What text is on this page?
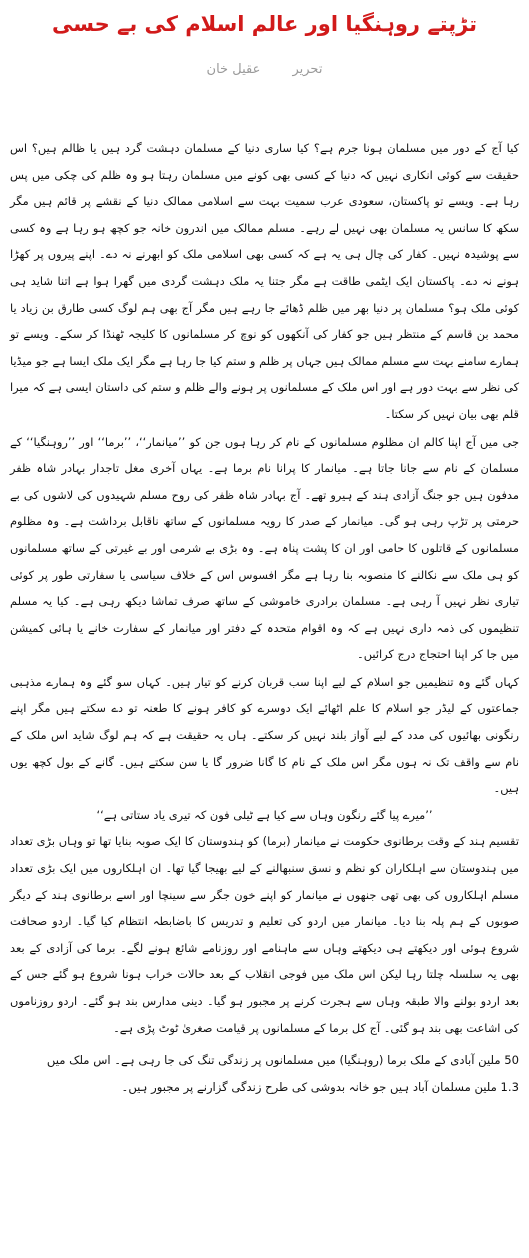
تڑپتے روہنگیا اور عالم اسلام کی بے حسی
تحریر عقیل خان

کیا آج کے دور میں مسلمان ہونا جرم ہے؟ کیا ساری دنیا کے مسلمان دہشت گرد ہیں یا ظالم ہیں؟ اس حقیقت سے کوئی انکاری نہیں کہ دنیا کے کسی بھی کونے میں مسلمان رہتا ہو وہ ظلم کی چکی میں پس رہا ہے۔ ویسے تو پاکستان، سعودی عرب سمیت بہت سے اسلامی ممالک دنیا کے نقشے پر قائم ہیں مگر سکھ کا سانس یہ مسلمان بھی نہیں لے رہے۔ مسلم ممالک میں اندرون خانہ جو کچھ ہو رہا ہے وہ کسی سے پوشیدہ نہیں۔ کفار کی چال ہی یہ ہے کہ کسی بھی اسلامی ملک کو ابھرنے نہ دے۔ اپنے پیروں پر کھڑا ہونے نہ دے۔ پاکستان ایک ایٹمی طاقت ہے مگر جتنا یہ ملک دہشت گردی میں گھرا ہوا ہے اتنا شاید ہی کوئی ملک ہو؟ مسلمان پر دنیا بھر میں ظلم ڈھائے جا رہے ہیں مگر آج بھی ہم لوگ کسی طارق بن زیاد یا محمد بن قاسم کے منتظر ہیں جو کفار کی آنکھوں کو نوچ کر مسلمانوں کا کلیجہ ٹھنڈا کر سکے۔ ویسے تو ہمارے سامنے بہت سے مسلم ممالک ہیں جہاں پر ظلم و ستم کیا جا رہا ہے مگر ایک ملک ایسا ہے جو میڈیا کی نظر سے بہت دور ہے اور اس ملک کے مسلمانوں پر ہونے والے ظلم و ستم کی داستان ایسی ہے کہ میرا قلم بھی بیان نہیں کر سکتا۔

جی میں آج اپنا کالم ان مظلوم مسلمانوں کے نام کر رہا ہوں جن کو ’’میانمار‘‘، ’’برما‘‘ اور ’’روہنگیا‘‘ کے مسلمان کے نام سے جانا جاتا ہے۔ میانمار کا پرانا نام برما ہے۔ یہاں آخری مغل تاجدار بہادر شاہ ظفر مدفون ہیں جو جنگ آزادی ہند کے ہیرو تھے۔ آج بہادر شاہ ظفر کی روح مسلم شہیدوں کی لاشوں کی بے حرمتی پر تڑپ رہی ہو گی۔ میانمار کے صدر کا رویہ مسلمانوں کے ساتھ ناقابل برداشت ہے۔ وہ مظلوم مسلمانوں کے قاتلوں کا حامی اور ان کا پشت پناہ ہے۔ وہ بڑی بے شرمی اور بے غیرتی کے ساتھ مسلمانوں کو ہی ملک سے نکالنے کا منصوبہ بنا رہا ہے مگر افسوس اس کے خلاف سیاسی یا سفارتی طور پر کوئی تیاری نظر نہیں آ رہی ہے۔ مسلمان برادری خاموشی کے ساتھ صرف تماشا دیکھ رہی ہے۔ کیا یہ مسلم تنظیموں کی ذمہ داری نہیں ہے کہ وہ اقوام متحدہ کے دفتر اور میانمار کے سفارت خانے یا ہائی کمیشن میں جا کر اپنا احتجاج درج کرائیں۔

کہاں گئے وہ تنظیمیں جو اسلام کے لیے اپنا سب قربان کرنے کو تیار ہیں۔ کہاں سو گئے وہ ہمارے مذہبی جماعتوں کے لیڈر جو اسلام کا علم اٹھائے ایک دوسرے کو کافر ہونے کا طعنہ تو دے سکتے ہیں مگر اپنے رنگونی بھائیوں کی مدد کے لیے آواز بلند نہیں کر سکتے۔ ہاں یہ حقیقت ہے کہ ہم لوگ شاید اس ملک کے نام سے واقف تک نہ ہوں مگر اس ملک کے نام کا گانا ضرور گا یا سن سکتے ہیں۔ گانے کے بول کچھ یوں ہیں۔

’’میرے پیا گئے رنگون وہاں سے کیا ہے ٹیلی فون کہ تیری یاد ستاتی ہے‘‘

تقسیم ہند کے وقت برطانوی حکومت نے میانمار (برما) کو ہندوستان کا ایک صوبہ بنایا تھا تو وہاں بڑی تعداد میں ہندوستان سے اہلکاران کو نظم و نسق سنبھالنے کے لیے بھیجا گیا تھا۔ ان اہلکاروں میں ایک بڑی تعداد مسلم اہلکاروں کی بھی تھی جنھوں نے میانمار کو اپنے خون جگر سے سینچا اور اسے برطانوی ہند کے دیگر صوبوں کے ہم پلہ بنا دیا۔ میانمار میں اردو کی تعلیم و تدریس کا باضابطہ انتظام کیا گیا۔ اردو صحافت شروع ہوئی اور دیکھتے ہی دیکھتے وہاں سے ماہنامے اور روزنامے شائع ہونے لگے۔ برما کی آزادی کے بعد بھی یہ سلسلہ چلتا رہا لیکن اس ملک میں فوجی انقلاب کے بعد حالات خراب ہونا شروع ہو گئے جس کے بعد اردو بولنے والا طبقہ وہاں سے ہجرت کرنے پر مجبور ہو گیا۔ دینی مدارس بند ہو گئے۔ اردو روزناموں کی اشاعت بھی بند ہو گئی۔ آج کل برما کے مسلمانوں پر قیامت صغریٰ ٹوٹ پڑی ہے۔

50 ملین آبادی کے ملک برما (روہنگیا) میں مسلمانوں پر زندگی تنگ کی جا رہی ہے۔ اس ملک میں

1.3 ملین مسلمان آباد ہیں جو خانہ بدوشی کی طرح زندگی گزارنے پر مجبور ہیں۔
